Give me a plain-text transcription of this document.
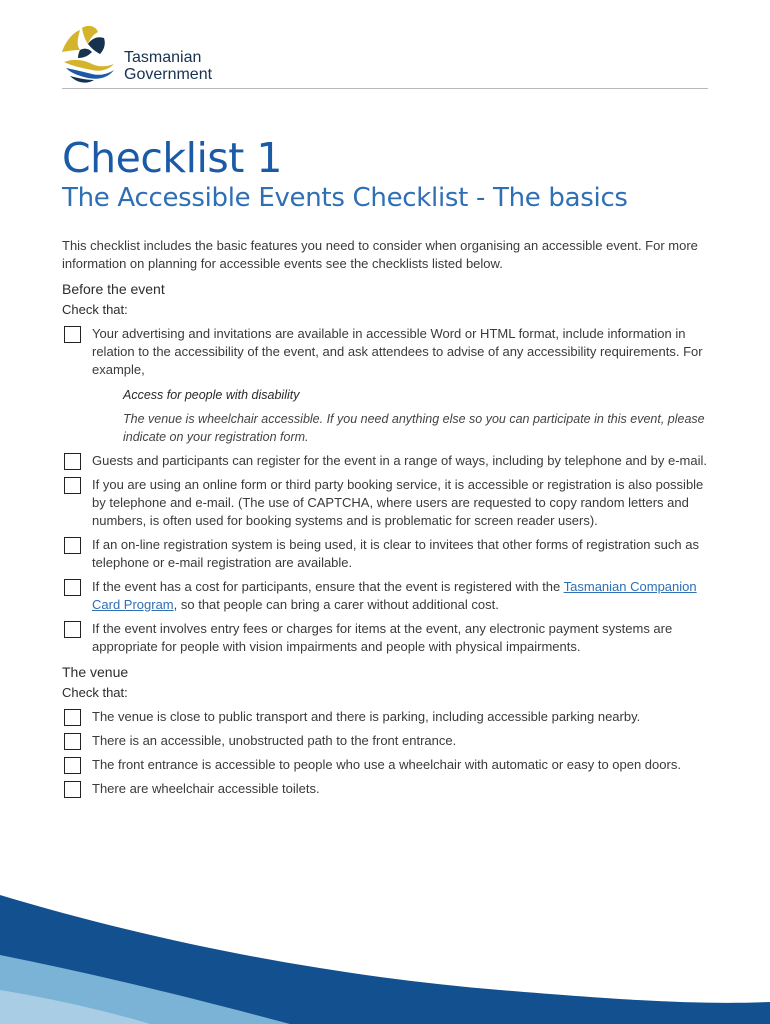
Tasmanian
Government
Checklist 1
The Accessible Events Checklist - The basics

This checklist includes the basic features you need to consider when organising an accessible event. For more information on planning for accessible events see the checklists listed below.

Before the event
Check that:
Your advertising and invitations are available in accessible Word or HTML format, include information in relation to the accessibility of the event, and ask attendees to advise of any accessibility requirements. For example,
Access for people with disability
The venue is wheelchair accessible. If you need anything else so you can participate in this event, please indicate on your registration form.
Guests and participants can register for the event in a range of ways, including by telephone and by e-mail.
If you are using an online form or third party booking service, it is accessible or registration is also possible by telephone and e-mail. (The use of CAPTCHA, where users are requested to copy random letters and numbers, is often used for booking systems and is problematic for screen reader users).
If an on-line registration system is being used, it is clear to invitees that other forms of registration such as telephone or e-mail registration are available.
If the event has a cost for participants, ensure that the event is registered with the Tasmanian Companion Card Program, so that people can bring a carer without additional cost.
If the event involves entry fees or charges for items at the event, any electronic payment systems are appropriate for people with vision impairments and people with physical impairments.
The venue
Check that:
The venue is close to public transport and there is parking, including accessible parking nearby.
There is an accessible, unobstructed path to the front entrance.
The front entrance is accessible to people who use a wheelchair with automatic or easy to open doors.
There are wheelchair accessible toilets.
Page 1 of 2
